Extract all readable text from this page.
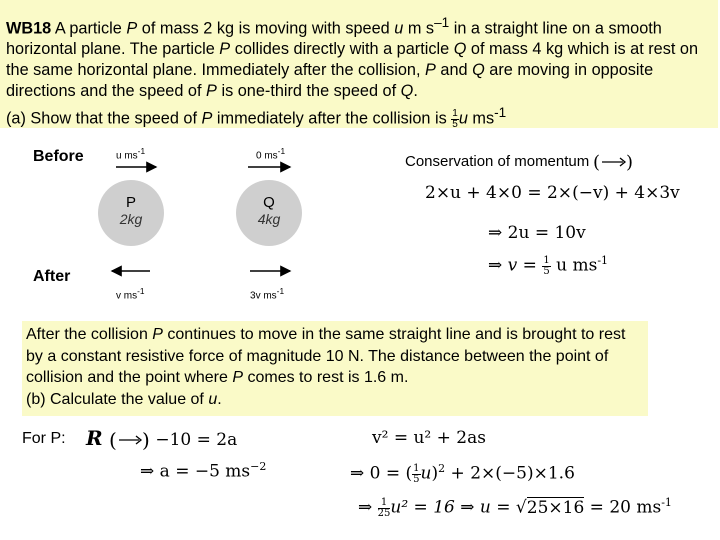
WB18 A particle P of mass 2 kg is moving with speed u m $s^{-1}$ in a straight line on a smooth horizontal plane. The particle P collides directly with a particle Q of mass 4 kg which is at rest on the same horizontal plane. Immediately after the collision, P and Q are moving in opposite directions and the speed of P is one-third the speed of Q.
(a) Show that the speed of P immediately after the collision is $\frac{1}{5}$ u $ms^{-1}$

Before
After
u $ms^{-1}$	0 $ms^{-1}$
v $ms^{-1}$	3v $ms^{-1}$
P
2kg
Q
4kg
Conservation of momentum ( )
2×u + 4×0 = 2×(−v) + 4×3v
⇒ 2u = 10v
⇒ $v = \frac{1}{5}$ u $ms^{-1}$

After the collision P continues to move in the same straight line and is brought to rest by a constant resistive force of magnitude 10 N. The distance between the point of collision and the point where P comes to rest is 1.6 m.
(b) Calculate the value of u.

For P: R ( ) −10 = 2a
⇒ a = −5 $ms^{-2}$
v² = u² + 2as
⇒ 0 = ( $\frac{1}{5} u)^2 + 2\times(-5)\times 1.6$
⇒ $\frac{1}{25} u^2 = 16$ ⇒ u = √25×16 = 20 $ms^{-1}$
